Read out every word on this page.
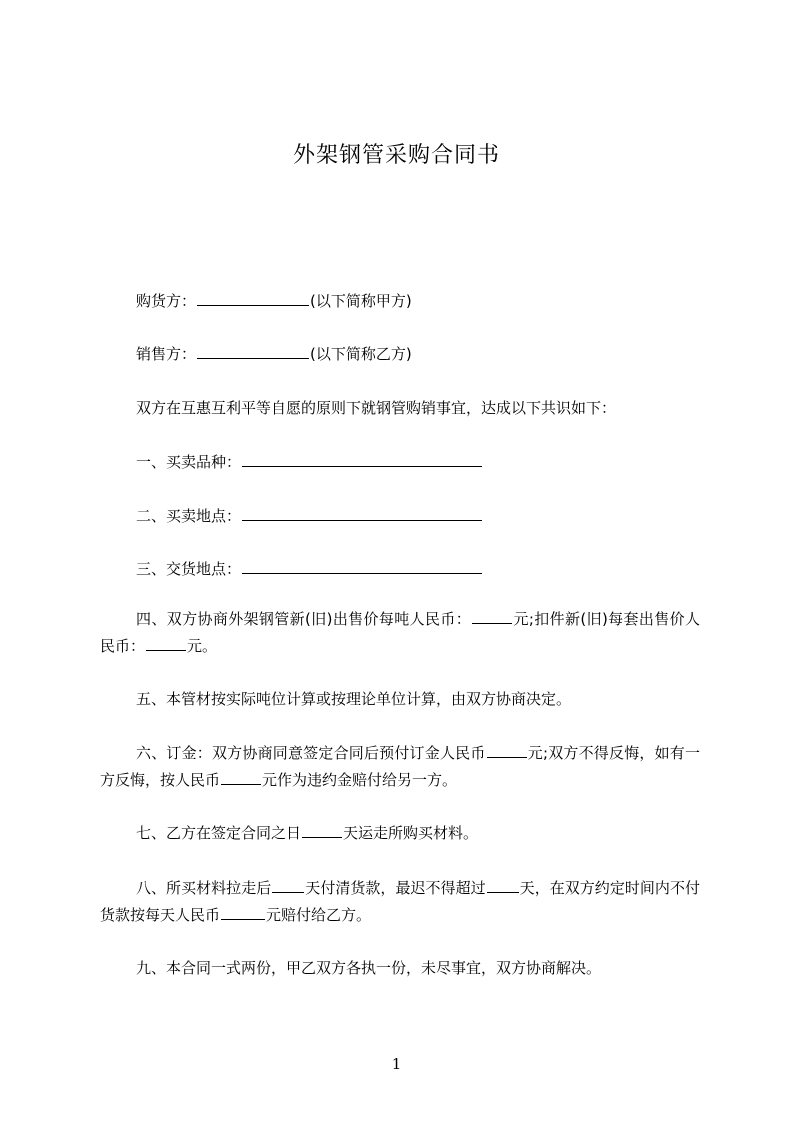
外架钢管采购合同书
购货方：	(以下简称甲方)
销售方：	(以下简称乙方)
双方在互惠互利平等自愿的原则下就钢管购销事宜，达成以下共识如下：
一、买卖品种：
二、买卖地点：
三、交货地点：
四、双方协商外架钢管新(旧)出售价每吨人民币：	元;扣件新(旧)每套出售价人民币：	元。
五、本管材按实际吨位计算或按理论单位计算，由双方协商决定。
六、订金：双方协商同意签定合同后预付订金人民币	元;双方不得反悔，如有一方反悔，按人民币	元作为违约金赔付给另一方。
七、乙方在签定合同之日	天运走所购买材料。
八、所买材料拉走后 天付清货款，最迟不得超过 天，在双方约定时间内不付货款按每天人民币	元赔付给乙方。
九、本合同一式两份，甲乙双方各执一份，未尽事宜，双方协商解决。
1
